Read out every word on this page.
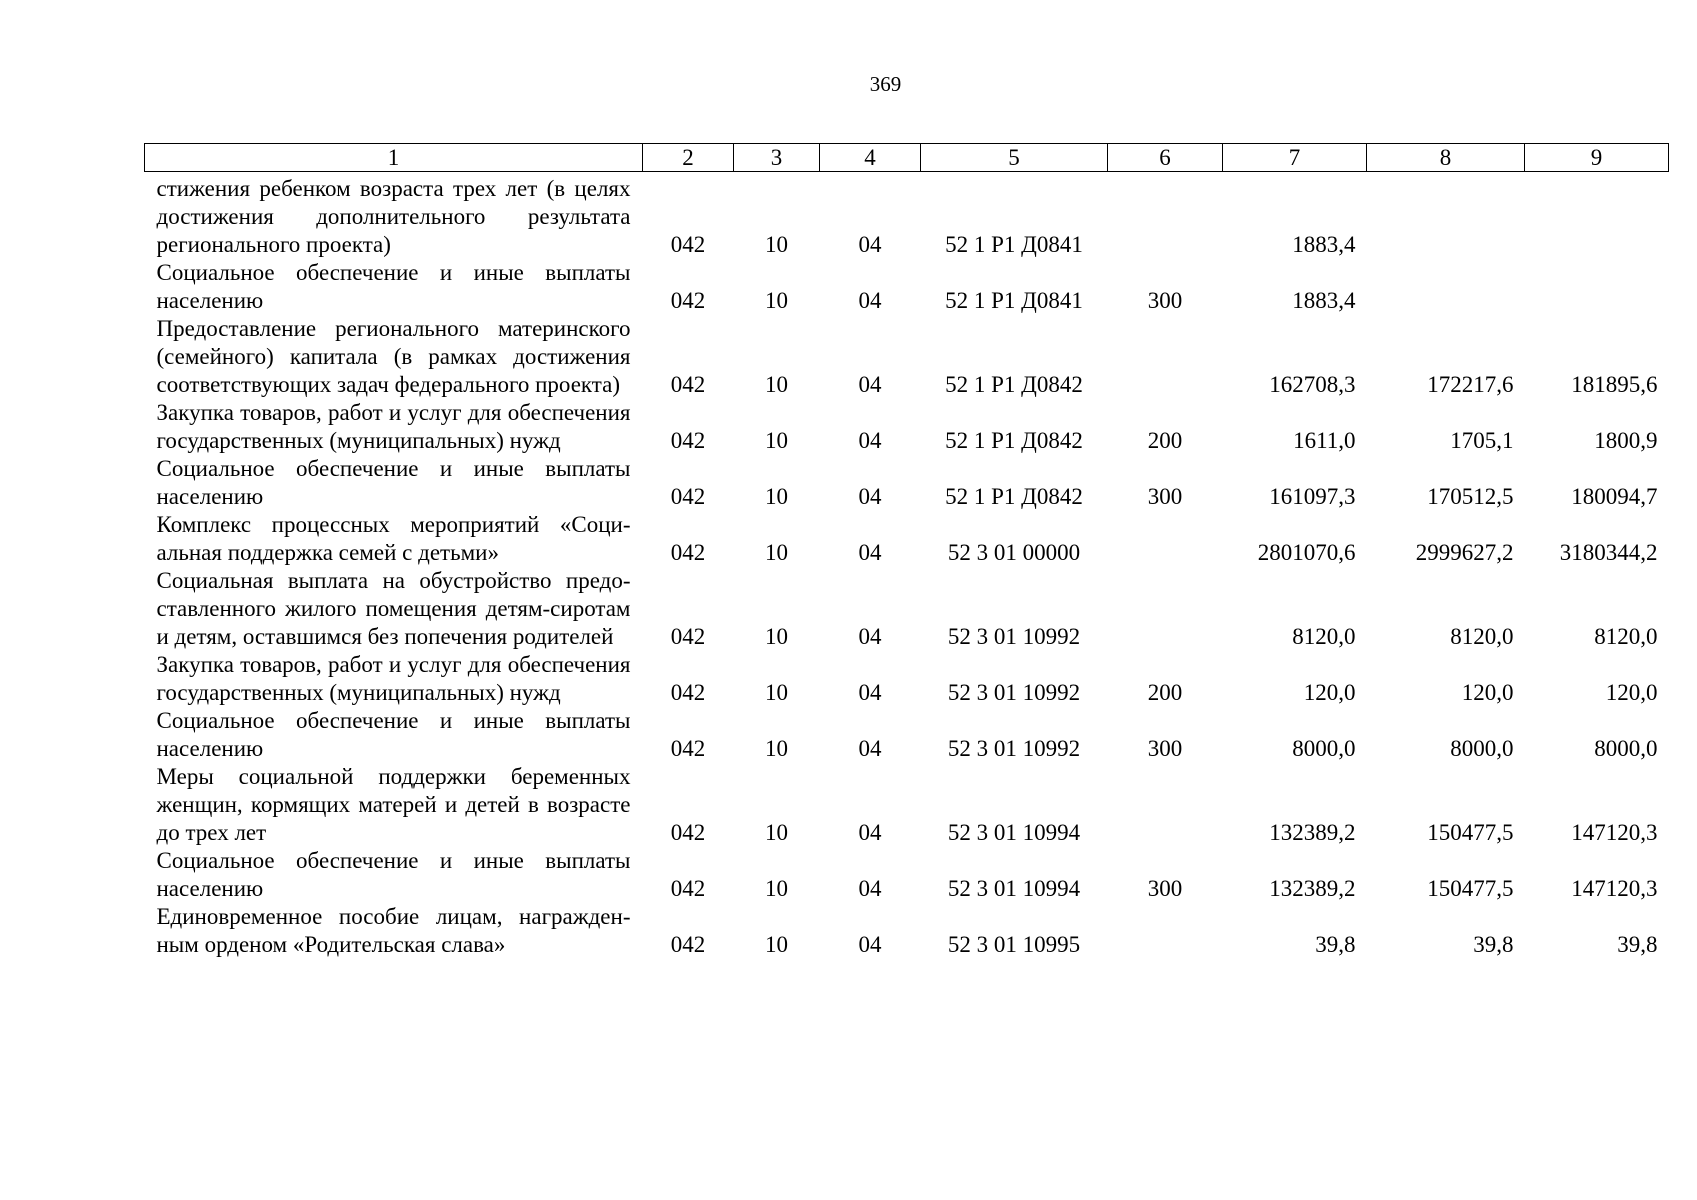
369
1	2	3	4	5	6	7	8	9
стижения ребенком возраста трех лет (в целях достижения дополнительного результата регионального проекта)	042	10	04	52 1 Р1 Д0841		1883,4		
Социальное обеспечение и иные выплаты населению	042	10	04	52 1 Р1 Д0841	300	1883,4		
Предоставление регионального материнского (семейного) капитала (в рамках достижения соответствующих задач федерального проекта)	042	10	04	52 1 Р1 Д0842		162708,3	172217,6	181895,6
Закупка товаров, работ и услуг для обеспечения государственных (муниципальных) нужд	042	10	04	52 1 Р1 Д0842	200	1611,0	1705,1	1800,9
Социальное обеспечение и иные выплаты населению	042	10	04	52 1 Р1 Д0842	300	161097,3	170512,5	180094,7
Комплекс процессных мероприятий «Социальная поддержка семей с детьми»	042	10	04	52 3 01 00000		2801070,6	2999627,2	3180344,2
Социальная выплата на обустройство предоставленного жилого помещения детям-сиротам и детям, оставшимся без попечения родителей	042	10	04	52 3 01 10992		8120,0	8120,0	8120,0
Закупка товаров, работ и услуг для обеспечения государственных (муниципальных) нужд	042	10	04	52 3 01 10992	200	120,0	120,0	120,0
Социальное обеспечение и иные выплаты населению	042	10	04	52 3 01 10992	300	8000,0	8000,0	8000,0
Меры социальной поддержки беременных женщин, кормящих матерей и детей в возрасте до трех лет	042	10	04	52 3 01 10994		132389,2	150477,5	147120,3
Социальное обеспечение и иные выплаты населению	042	10	04	52 3 01 10994	300	132389,2	150477,5	147120,3
Единовременное пособие лицам, награжденным орденом «Родительская слава»	042	10	04	52 3 01 10995		39,8	39,8	39,8
